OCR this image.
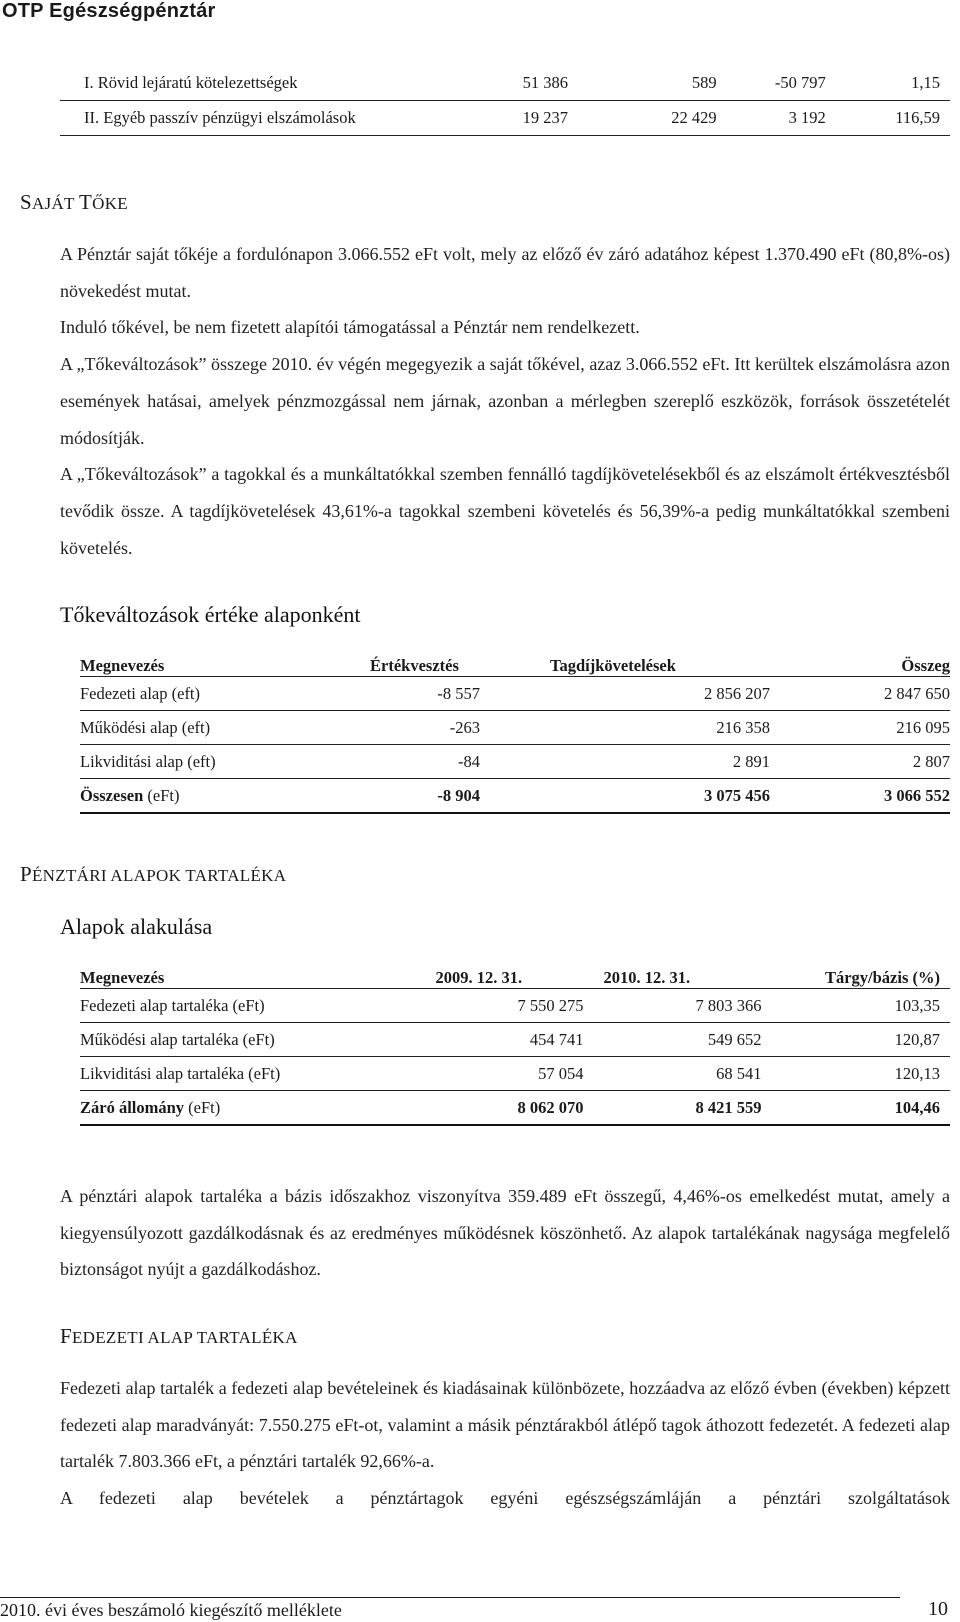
OTP Egészségpénztár
I. Rövid lejáratú kötelezettségek	51 386	589	-50 797	1,15
II. Egyéb passzív pénzügyi elszámolások	19 237	22 429	3 192	116,59
SAJÁT TŐKE

A Pénztár saját tőkéje a fordulónapon 3.066.552 eFt volt, mely az előző év záró adatához képest 1.370.490 eFt (80,8%-os) növekedést mutat.

Induló tőkével, be nem fizetett alapítói támogatással a Pénztár nem rendelkezett.

A „Tőkeváltozások” összege 2010. év végén megegyezik a saját tőkével, azaz 3.066.552 eFt. Itt kerültek elszámolásra azon események hatásai, amelyek pénzmozgással nem járnak, azonban a mérlegben szereplő eszközök, források összetételét módosítják.

A „Tőkeváltozások” a tagokkal és a munkáltatókkal szemben fennálló tagdíjkövetelésekből és az elszámolt értékvesztésből tevődik össze. A tagdíjkövetelések 43,61%-a tagokkal szembeni követelés és 56,39%-a pedig munkáltatókkal szembeni követelés.

Tőkeváltozások értéke alaponként
Megnevezés	Értékvesztés	Tagdíjkövetelések	Összeg
Fedezeti alap (eft)	-8 557	2 856 207	2 847 650
Működési alap (eft)	-263	216 358	216 095
Likviditási alap (eft)	-84	2 891	2 807
Összesen (eFt)	-8 904	3 075 456	3 066 552
PÉNZTÁRI ALAPOK TARTALÉKA
Alapok alakulása
Megnevezés	2009. 12. 31.	2010. 12. 31.	Tárgy/bázis (%)
Fedezeti alap tartaléka (eFt)	7 550 275	7 803 366	103,35
Működési alap tartaléka (eFt)	454 741	549 652	120,87
Likviditási alap tartaléka (eFt)	57 054	68 541	120,13
Záró állomány (eFt)	8 062 070	8 421 559	104,46

A pénztári alapok tartaléka a bázis időszakhoz viszonyítva 359.489 eFt összegű, 4,46%-os emelkedést mutat, amely a kiegyensúlyozott gazdálkodásnak és az eredményes működésnek köszönhető. Az alapok tartalékának nagysága megfelelő biztonságot nyújt a gazdálkodáshoz.

FEDEZETI ALAP TARTALÉKA

Fedezeti alap tartalék a fedezeti alap bevételeinek és kiadásainak különbözete, hozzáadva az előző évben (években) képzett fedezeti alap maradványát: 7.550.275 eFt-ot, valamint a másik pénztárakból átlépő tagok áthozott fedezetét. A fedezeti alap tartalék 7.803.366 eFt, a pénztári tartalék 92,66%-a.

A fedezeti alap bevételek a pénztártagok egyéni egészségszámláján a pénztári szolgáltatások

2010. évi éves beszámoló kiegészítő melléklete	10
